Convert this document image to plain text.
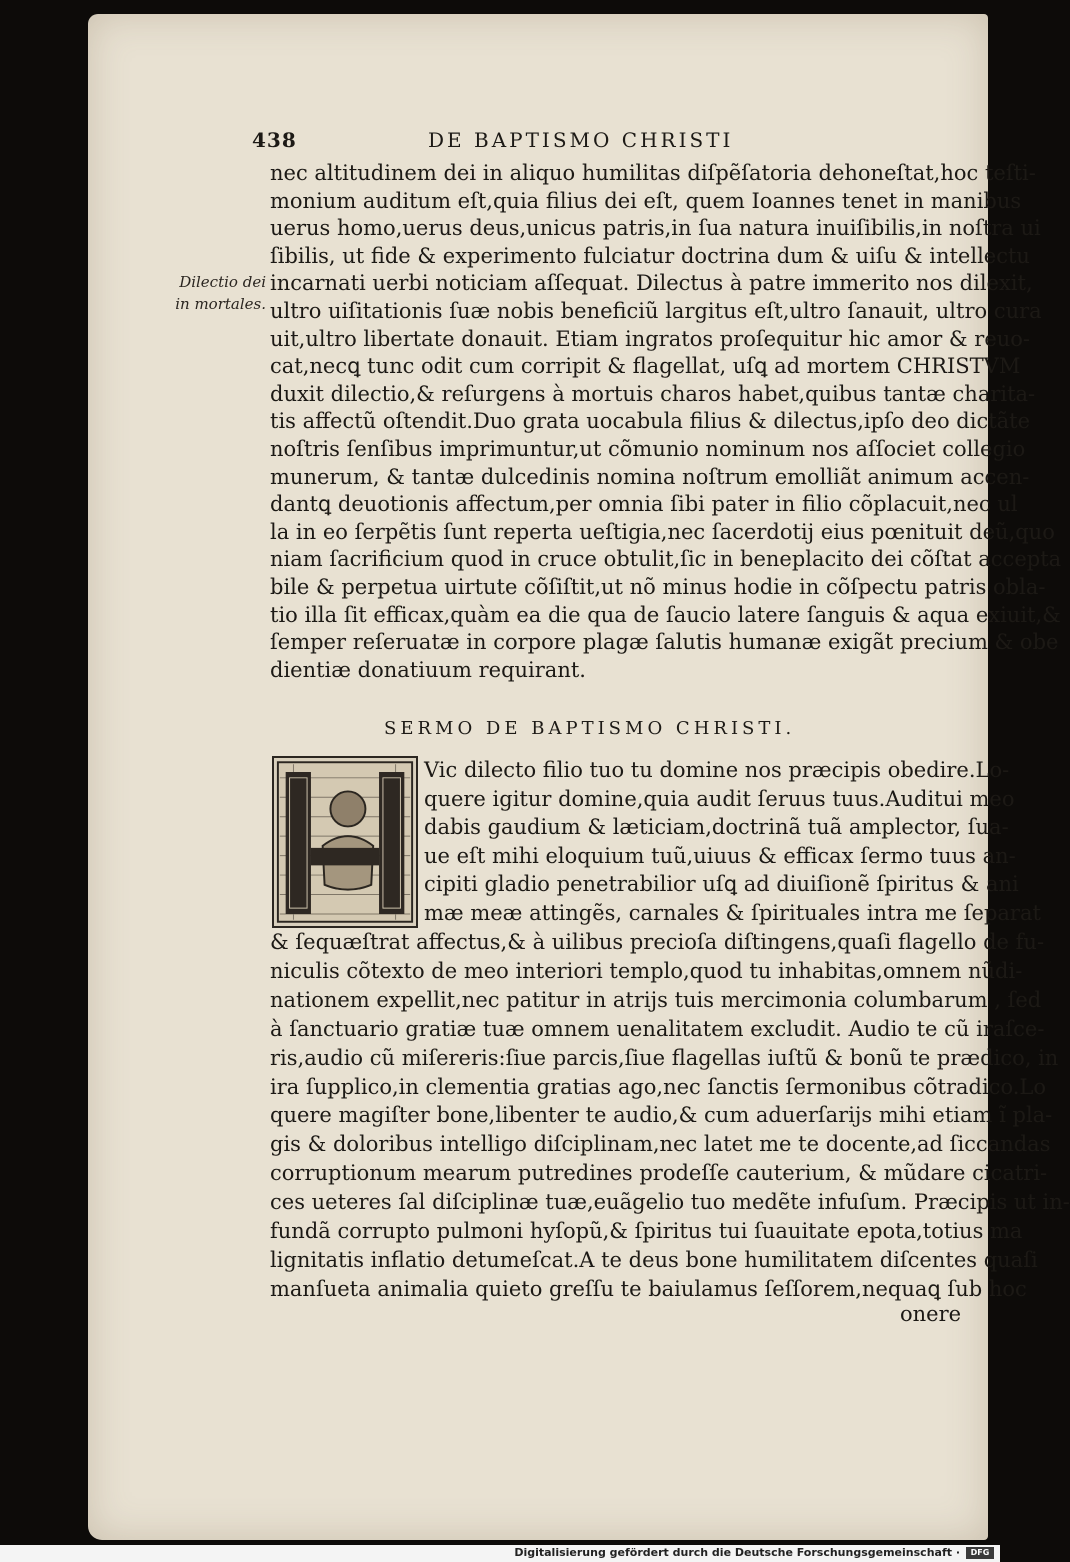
438	DE BAPTISMO CHRISTI
Dilectio dei
in mortales.
nec altitudinem dei in aliquo humilitas diſpẽſatoria dehoneſtat,hoc teſti-
monium auditum eſt,quia filius dei eſt, quem Ioannes tenet in manibus
uerus homo,uerus deus,unicus patris,in ſua natura inuiſibilis,in noſtra ui
ſibilis, ut fide & experimento fulciatur doctrina dum & uiſu & intellectu
incarnati uerbi noticiam aſſequat. Dilectus à patre immerito nos dilexit,
ultro uiſitationis ſuæ nobis beneficiũ largitus eſt,ultro ſanauit, ultro cura
uit,ultro libertate donauit. Etiam ingratos proſequitur hic amor & reuo-
cat,necꝗ tunc odit cum corripit & flagellat, uſꝗ ad mortem CHRISTVM
duxit dilectio,& reſurgens à mortuis charos habet,quibus tantæ charita-
tis affectũ oſtendit.Duo grata uocabula filius & dilectus,ipſo deo dictãte
noſtris ſenſibus imprimuntur,ut cõmunio nominum nos aſſociet collegio
munerum, & tantæ dulcedinis nomina noſtrum emolliãt animum accen-
dantꝗ deuotionis affectum,per omnia ſibi pater in filio cõplacuit,nec ul
la in eo ſerpẽtis ſunt reperta ueſtigia,nec ſacerdotij eius pœnituit deũ,quo
niam ſacrificium quod in cruce obtulit,ſic in beneplacito dei cõſtat accepta
bile & perpetua uirtute cõſiſtit,ut nõ minus hodie in cõſpectu patris obla-
tio illa ſit efficax,quàm ea die qua de ſaucio latere ſanguis & aqua exiuit,&
ſemper reſeruatæ in corpore plagæ ſalutis humanæ exigãt precium & obe
dientiæ donatiuum requirant.
SERMO DE BAPTISMO CHRISTI.
Vic dilecto filio tuo tu domine nos præcipis obedire.Lo-
quere igitur domine,quia audit ſeruus tuus.Auditui meo
dabis gaudium & læticiam,doctrinã tuã amplector, ſua-
ue eſt mihi eloquium tuũ,uiuus & efficax ſermo tuus an-
cipiti gladio penetrabilior uſꝗ ad diuiſionẽ ſpiritus & ani
mæ meæ attingẽs, carnales & ſpirituales intra me ſeparat
& ſequæſtrat affectus,& à uilibus precioſa diſtingens,quaſi flagello de fu-
niculis cõtexto de meo interiori templo,quod tu inhabitas,omnem nũdi-
nationem expellit,nec patitur in atrijs tuis mercimonia columbarum , ſed
à ſanctuario gratiæ tuæ omnem uenalitatem excludit. Audio te cũ iraſce-
ris,audio cũ miſereris:ſiue parcis,ſiue flagellas iuſtũ & bonũ te prædico, in
ira ſupplico,in clementia gratias ago,nec ſanctis ſermonibus cõtradico.Lo
quere magiſter bone,libenter te audio,& cum aduerſarijs mihi etiam ĩ pla-
gis & doloribus intelligo diſciplinam,nec latet me te docente,ad ſiccandas
corruptionum mearum putredines prodeſſe cauterium, & mũdare cicatri-
ces ueteres ſal diſciplinæ tuæ,euãgelio tuo medẽte infuſum. Præcipis ut in-
fundã corrupto pulmoni hyſopũ,& ſpiritus tui ſuauitate epota,totius ma
lignitatis inflatio detumeſcat.A te deus bone humilitatem diſcentes quaſi
manſueta animalia quieto greſſu te baiulamus ſeſſorem,nequaꝗ ſub hoc
onere
Digitalisierung gefördert durch die Deutsche Forschungsgemeinschaft ·	DFG
